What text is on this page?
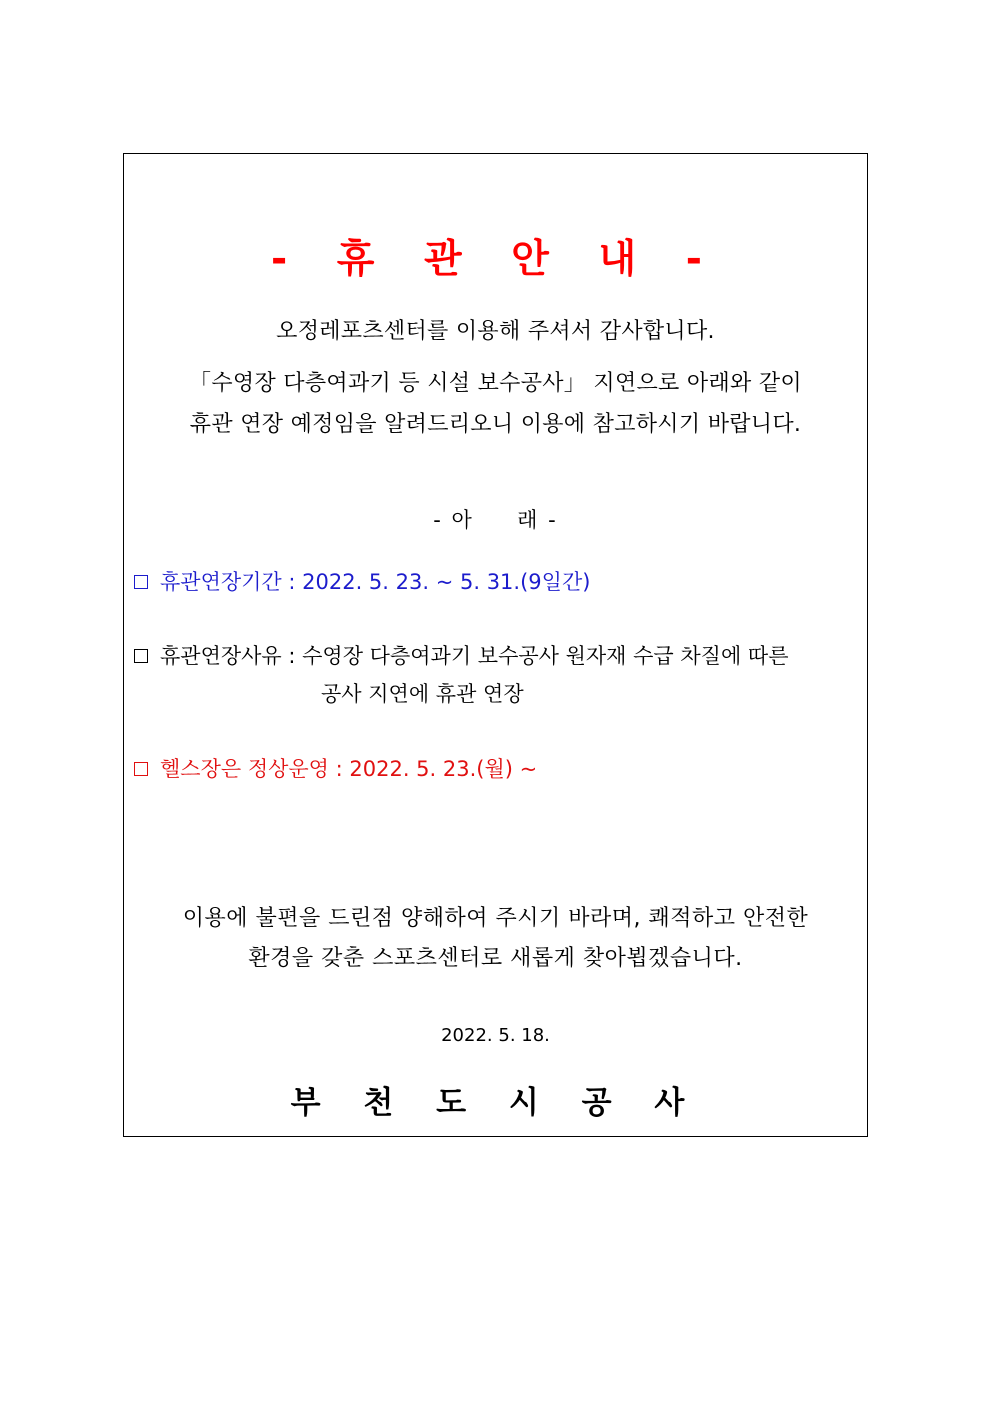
- 휴 관 안 내 -
오정레포츠센터를 이용해 주셔서 감사합니다.
「수영장 다층여과기 등 시설 보수공사」 지연으로 아래와 같이
휴관 연장 예정임을 알려드리오니 이용에 참고하시기 바랍니다.
- 아     래 -
휴관연장기간 : 2022. 5. 23. ~ 5. 31.(9일간)
휴관연장사유 : 수영장 다층여과기 보수공사 원자재 수급 차질에 따른
공사 지연에 휴관 연장
헬스장은 정상운영 : 2022. 5. 23.(월) ~
이용에 불편을 드린점 양해하여 주시기 바라며, 쾌적하고 안전한
환경을 갖춘 스포츠센터로 새롭게 찾아뵙겠습니다.
2022. 5. 18.
부 천 도 시 공 사
